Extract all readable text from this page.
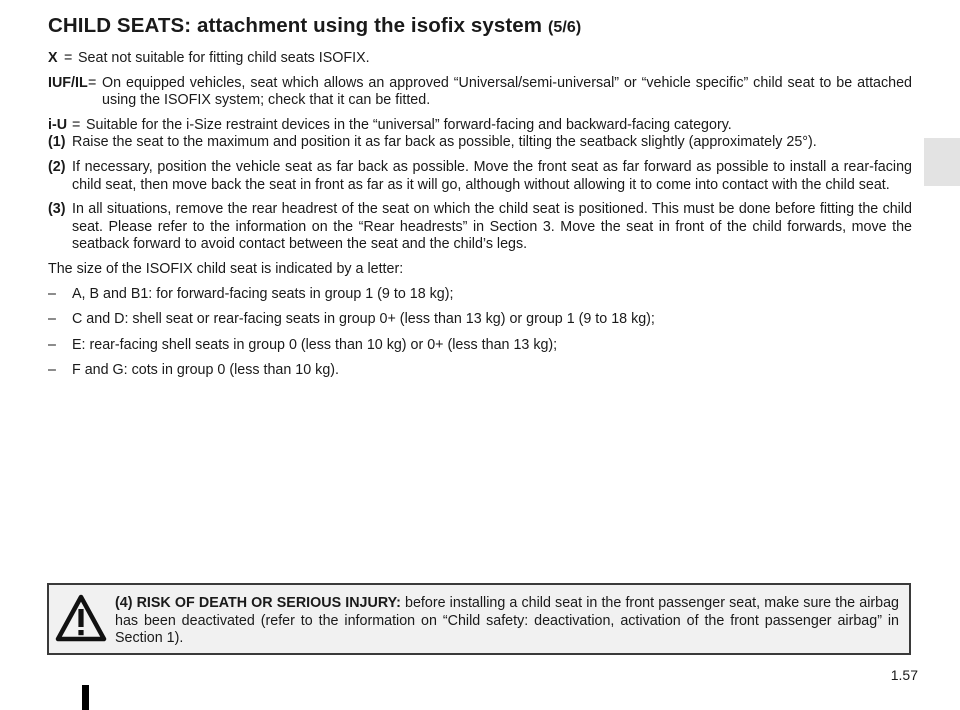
CHILD SEATS: attachment using the isofix system (5/6)
X = Seat not suitable for fitting child seats ISOFIX.
IUF/IL = On equipped vehicles, seat which allows an approved “Universal/semi-universal” or “vehicle specific” child seat to be attached using the ISOFIX system; check that it can be fitted.
i-U = Suitable for the i-Size restraint devices in the “universal” forward-facing and backward-facing category.
(1) Raise the seat to the maximum and position it as far back as possible, tilting the seatback slightly (approximately 25°).
(2) If necessary, position the vehicle seat as far back as possible. Move the front seat as far forward as possible to install a rear-facing child seat, then move back the seat in front as far as it will go, although without allowing it to come into contact with the child seat.
(3) In all situations, remove the rear headrest of the seat on which the child seat is positioned. This must be done before fitting the child seat. Please refer to the information on the “Rear headrests” in Section 3. Move the seat in front of the child forwards, move the seatback forward to avoid contact between the seat and the child’s legs.
The size of the ISOFIX child seat is indicated by a letter:
–	A, B and B1: for forward-facing seats in group 1 (9 to 18 kg);
–	C and D: shell seat or rear-facing seats in group 0+ (less than 13 kg) or group 1 (9 to 18 kg);
–	E: rear-facing shell seats in group 0 (less than 10 kg) or 0+ (less than 13 kg);
–	F and G: cots in group 0 (less than 10 kg).
(4) RISK OF DEATH OR SERIOUS INJURY: before installing a child seat in the front passenger seat, make sure the airbag has been deactivated (refer to the information on “Child safety: deactivation, activation of the front passenger airbag” in Section 1).
1.57
